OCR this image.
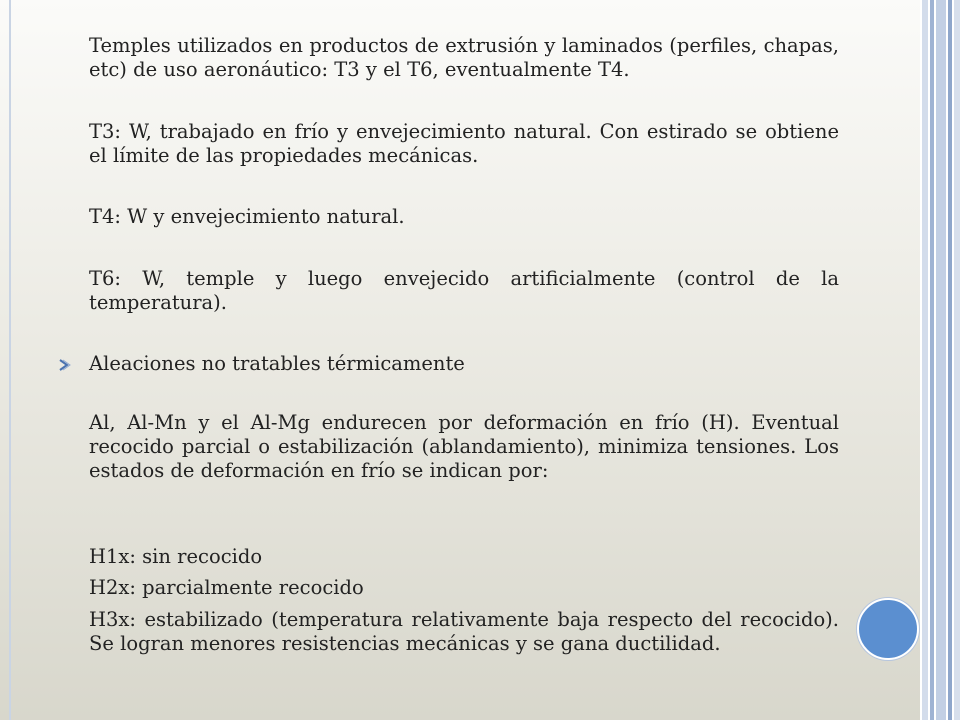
Temples utilizados en productos de extrusión y laminados (perfiles, chapas, etc) de uso aeronáutico: T3 y el T6, eventualmente T4.

T3: W, trabajado en frío y envejecimiento natural. Con estirado se obtiene el límite de las propiedades mecánicas.

T4: W y envejecimiento natural.

T6: W, temple y luego envejecido artificialmente (control de la temperatura).

Aleaciones no tratables térmicamente

Al, Al-Mn y el Al-Mg endurecen por deformación en frío (H). Eventual recocido parcial o estabilización (ablandamiento), minimiza tensiones. Los estados de deformación en frío se indican por:

H1x: sin recocido

H2x: parcialmente recocido

H3x: estabilizado (temperatura relativamente baja respecto del recocido). Se logran menores resistencias mecánicas y se gana ductilidad.
